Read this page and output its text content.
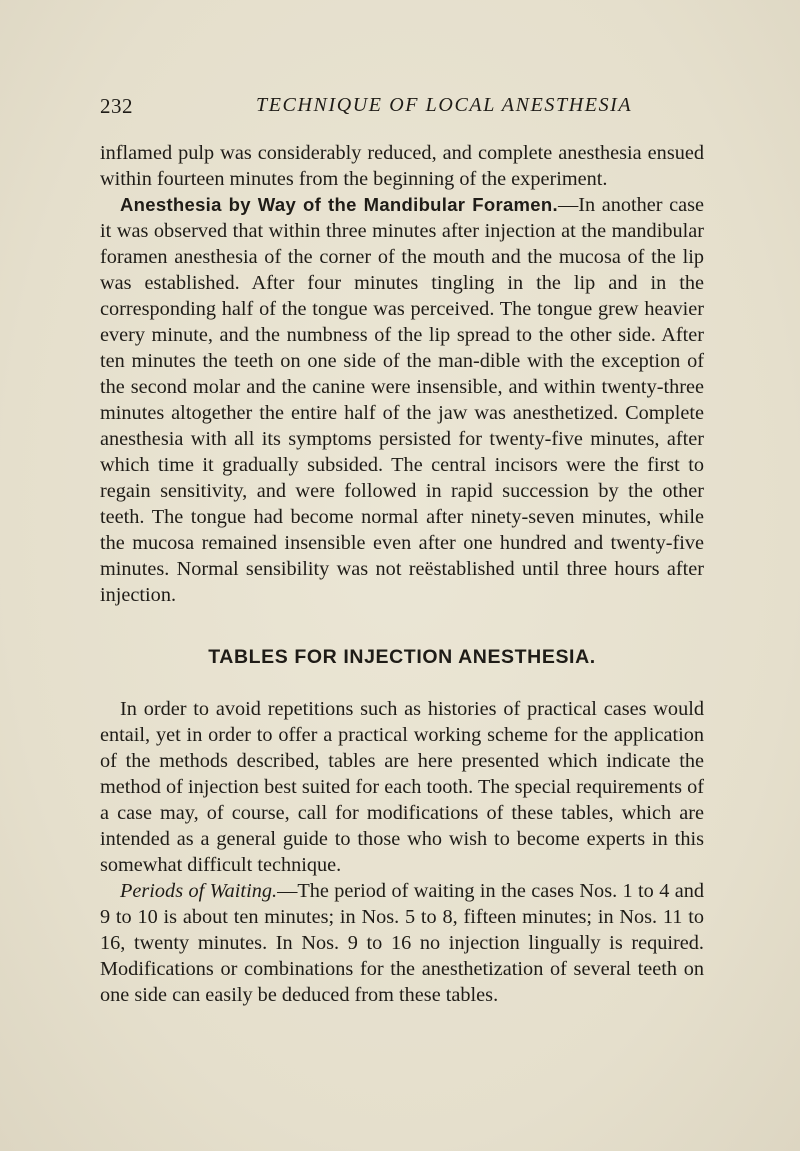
232	TECHNIQUE OF LOCAL ANESTHESIA

inflamed pulp was considerably reduced, and complete anesthesia ensued within fourteen minutes from the beginning of the experiment.

Anesthesia by Way of the Mandibular Foramen.—In another case it was observed that within three minutes after injection at the mandibular foramen anesthesia of the corner of the mouth and the mucosa of the lip was established. After four minutes tingling in the lip and in the corresponding half of the tongue was perceived. The tongue grew heavier every minute, and the numbness of the lip spread to the other side. After ten minutes the teeth on one side of the man-dible with the exception of the second molar and the canine were insensible, and within twenty-three minutes altogether the entire half of the jaw was anesthetized. Complete anesthesia with all its symptoms persisted for twenty-five minutes, after which time it gradually subsided. The central incisors were the first to regain sensitivity, and were followed in rapid succession by the other teeth. The tongue had become normal after ninety-seven minutes, while the mucosa remained insensible even after one hundred and twenty-five minutes. Normal sensibility was not reëstablished until three hours after injection.

TABLES FOR INJECTION ANESTHESIA.

In order to avoid repetitions such as histories of practical cases would entail, yet in order to offer a practical working scheme for the application of the methods described, tables are here presented which indicate the method of injection best suited for each tooth. The special requirements of a case may, of course, call for modifications of these tables, which are intended as a general guide to those who wish to become experts in this somewhat difficult technique.

Periods of Waiting.—The period of waiting in the cases Nos. 1 to 4 and 9 to 10 is about ten minutes; in Nos. 5 to 8, fifteen minutes; in Nos. 11 to 16, twenty minutes. In Nos. 9 to 16 no injection lingually is required. Modifications or combinations for the anesthetization of several teeth on one side can easily be deduced from these tables.
